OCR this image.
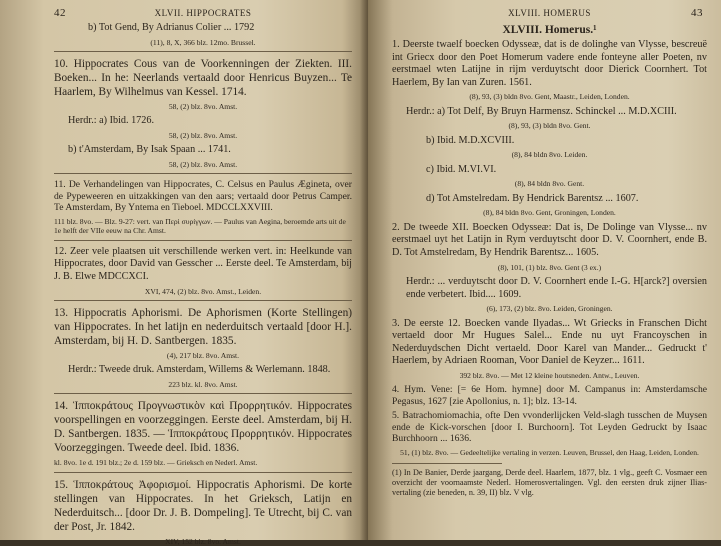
42	XLVII. HIPPOCRATES
b) Tot Gend, By Adrianus Colier ... 1792
(11), 8, X, 366 blz. 12mo. Brussel.
10. Hippocrates Cous van de Voorkenningen der Ziekten. III. Boeken... In he: Neerlands vertaald door Henricus Buyzen... Te Haarlem, By Wilhelmus van Kessel. 1714.
58, (2) blz. 8vo. Amst.
Herdr.: a) Ibid. 1726.
58, (2) blz. 8vo. Amst.
b) t'Amsterdam, By Isak Spaan ... 1741.
58, (2) blz. 8vo. Amst.
11. De Verhandelingen van Hippocrates, C. Celsus en Paulus Ægineta, over de Pypeweeren en uitzakkingen van den aars; vertaald door Petrus Camper. Te Amsterdam, By Yntema en Tieboel. MDCCLXXVIII.
111 blz. 8vo. — Blz. 9-27: vert. van Περὶ συρίγγων. — Paulus van Aegina, beroemde arts uit de 1e helft der VIIe eeuw na Chr. Amst.
12. Zeer vele plaatsen uit verschillende werken vert. in: Heelkunde van Hippocrates, door David van Gesscher ... Eerste deel. Te Amsterdam, bij J. B. Elwe MDCCXCI.
XVI, 474, (2) blz. 8vo. Amst., Leiden.
13. Hippocratis Aphorismi. De Aphorismen (Korte Stellingen) van Hippocrates. In het latijn en nederduitsch vertaald [door H.]. Amsterdam, bij H. D. Santbergen. 1835.
(4), 217 blz. 8vo. Amst.
Herdr.: Tweede druk. Amsterdam, Willems & Werlemann. 1848.
223 blz. kl. 8vo. Amst.
14. Ἱπποκράτους Προγνωστικὸν καὶ Προρρητικόν. Hippocrates voorspellingen en voorzeggingen. Eerste deel. Amsterdam, bij H. D. Santbergen. 1835. — Ἱπποκράτους Προρρητικόν. Hippocrates Voorzeggingen. Tweede deel. Ibid. 1836.
kl. 8vo. 1e d. 191 blz.; 2e d. 159 blz. — Grieksch en Nederl. Amst.
15. Ἱπποκράτους Ἀφορισμοί. Hippocratis Aphorismi. De korte stellingen van Hippocrates. In het Grieksch, Latijn en Nederduitsch... [door Dr. J. B. Dompeling]. Te Utrecht, bij C. van der Post, Jr. 1842.
XIV, 152 blz. 8vo. Amst.
XLVIII. HOMERUS	43
XLVIII. Homerus.¹
1. Deerste twaelf boecken Odysseæ, dat is de dolinghe van Vlysse, bescreuë int Griecx door den Poet Homerum vadere ende fonteyne aller Poeten, nv eerstmael wten Latijne in rijm verduytscht door Dierick Coornhert. Tot Haerlem, By Ian van Zuren. 1561.
(8), 93, (3) bldn 8vo. Gent, Maastr., Leiden, Londen.
Herdr.: a) Tot Delf, By Bruyn Harmensz. Schinckel ... M.D.XCIII.
(8), 93, (3) bldn 8vo. Gent.
b) Ibid. M.D.XCVIII.
(8), 84 bldn 8vo. Leiden.
c) Ibid. M.VI.VI.
(8), 84 bldn 8vo. Gent.
d) Tot Amstelredam. By Hendrick Barentsz ... 1607.
(8), 84 bldn 8vo. Gent, Groningen, Londen.
2. De tweede XII. Boecken Odysseæ: Dat is, De Dolinge van Vlysse... nv eerstmael uyt het Latijn in Rym verduytscht door D. V. Coornhert, ende B. D. Tot Amstelredam, By Hendrik Barentsz... 1605.
(8), 101, (1) blz. 8vo. Gent (3 ex.)
Herdr.: ... verduytscht door D. V. Coornhert ende I.-G. H[arck?] oversien ende verbetert. Ibid.... 1609.
(6), 173, (2) blz. 8vo. Leiden, Groningen.
3. De eerste 12. Boecken vande Ilyadas... Wt Griecks in Franschen Dicht vertaeld door Mr Hugues Salel... Ende nu uyt Francoyschen in Nederduydschen Dicht vertaeld. Door Karel van Mander... Gedruckt t' Haerlem, by Adriaen Rooman, Voor Daniel de Keyzer... 1611.
392 blz. 8vo. — Met 12 kleine houtsneden. Antw., Leuven.
4. Hym. Vene: [= 6e Hom. hymne] door M. Campanus in: Amsterdamsche Pegasus, 1627 [zie Apollonius, n. 1]; blz. 13-14.
5. Batrachomiomachia, ofte Den vvonderlijcken Veld-slagh tusschen de Muysen ende de Kick-vorschen [door I. Burchoorn]. Tot Leyden Gedruckt by Isaac Burchhoorn ... 1636.
51, (1) blz. 8vo. — Gedeeltelijke vertaling in verzen. Leuven, Brussel, den Haag, Leiden, Londen.
(1) In De Banier, Derde jaargang, Derde deel. Haarlem, 1877, blz. 1 vlg., geeft C. Vosmaer een overzicht der voornaamste Nederl. Homerosvertalingen. Vgl. den eersten druk zijner Ilias-vertaling (zie beneden, n. 39, II) blz. V vlg.
